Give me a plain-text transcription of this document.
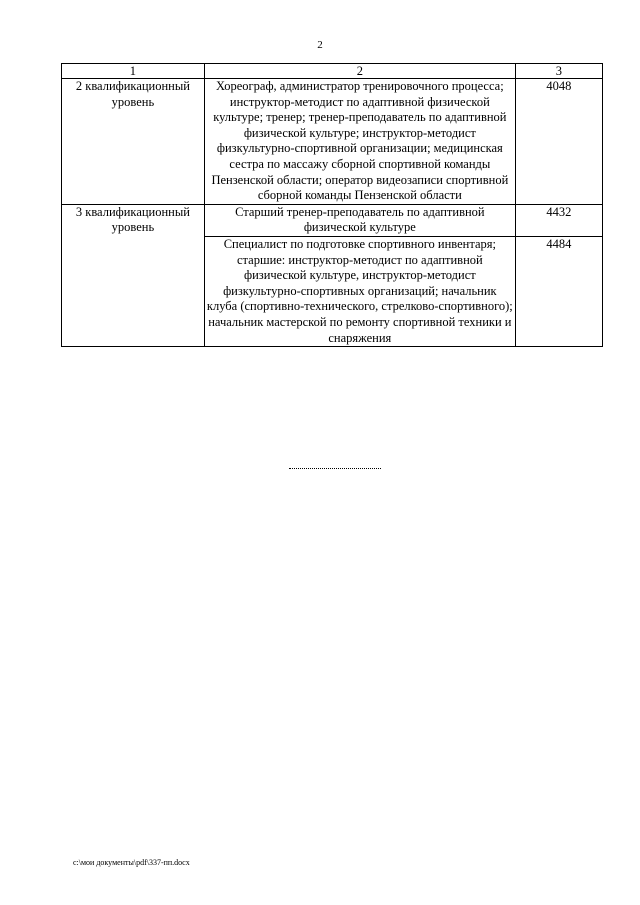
2
1	2	3
2 квалификационный уровень	Хореограф, администратор тренировочного процесса; инструктор-методист по адаптивной физической культуре; тренер; тренер-преподаватель по адаптивной физической культуре; инструктор-методист физкультурно-спортивной организации; медицинская сестра по массажу сборной спортивной команды Пензенской области; оператор видеозаписи спортивной сборной команды Пензенской области	4048
3 квалификационный уровень	Старший тренер-преподаватель по адаптивной физической культуре	4432
	Специалист по подготовке спортивного инвентаря; старшие: инструктор-методист по адаптивной физической культуре, инструктор-методист физкультурно-спортивных организаций; начальник клуба (спортивно-технического, стрелково-спортивного); начальник мастерской по ремонту спортивной техники и снаряжения	4484
c:\мои документы\pdf\337-пп.docx
